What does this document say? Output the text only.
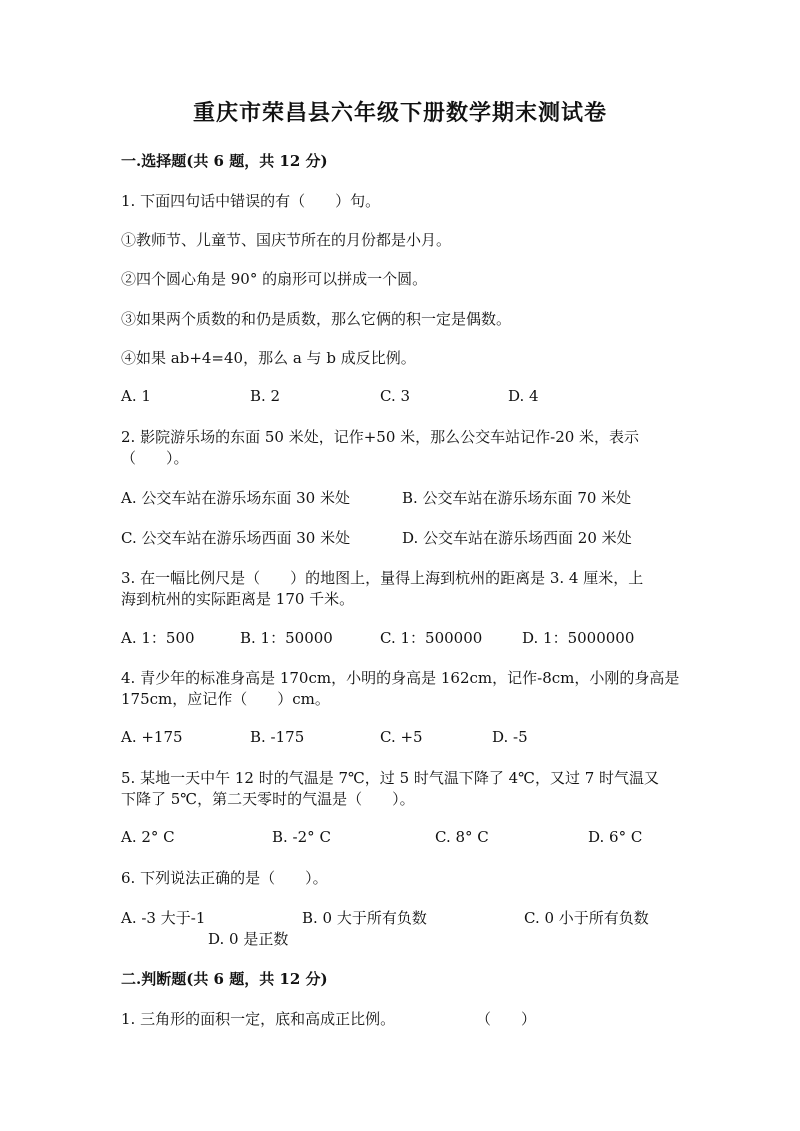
重庆市荣昌县六年级下册数学期末测试卷
一.选择题(共 6 题，共 12 分)
1. 下面四句话中错误的有（　　）句。
①教师节、儿童节、国庆节所在的月份都是小月。
②四个圆心角是 90° 的扇形可以拼成一个圆。
③如果两个质数的和仍是质数，那么它俩的积一定是偶数。
④如果 ab+4=40，那么 a 与 b 成反比例。
A. 1	B. 2	C. 3	D. 4
2. 影院游乐场的东面 50 米处，记作+50 米，那么公交车站记作-20 米，表示
（　　）。
A. 公交车站在游乐场东面 30 米处	B. 公交车站在游乐场东面 70 米处
C. 公交车站在游乐场西面 30 米处	D. 公交车站在游乐场西面 20 米处
3. 在一幅比例尺是（　　）的地图上，量得上海到杭州的距离是 3. 4 厘米，上
海到杭州的实际距离是 170 千米。
A. 1：500	B. 1：50000	C. 1：500000	D. 1：5000000
4. 青少年的标准身高是 170cm，小明的身高是 162cm，记作-8cm，小刚的身高是
175cm，应记作（　　）cm。
A. +175	B. -175	C. +5	D. -5
5. 某地一天中午 12 时的气温是 7℃，过 5 时气温下降了 4℃，又过 7 时气温又
下降了 5℃，第二天零时的气温是（　　）。
A. 2° C	B. -2° C	C. 8° C	D. 6° C
6. 下列说法正确的是（　　）。
A. -3 大于-1	B. 0 大于所有负数	C. 0 小于所有负数
D. 0 是正数
二.判断题(共 6 题，共 12 分)
1. 三角形的面积一定，底和高成正比例。	（　　）
